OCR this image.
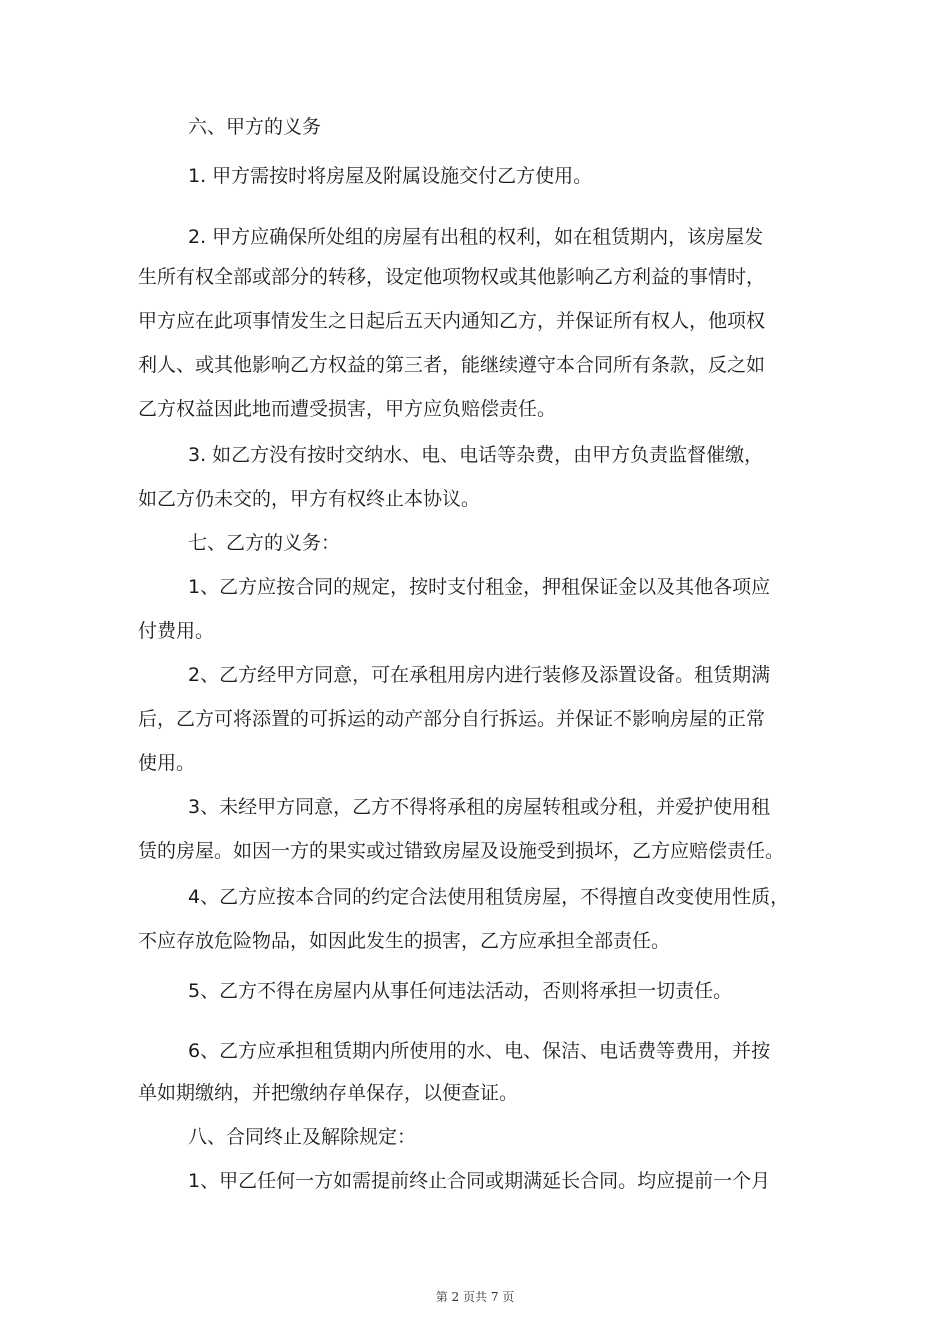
六、甲方的义务

1. 甲方需按时将房屋及附属设施交付乙方使用。

2. 甲方应确保所处组的房屋有出租的权利，如在租赁期内，该房屋发

生所有权全部或部分的转移，设定他项物权或其他影响乙方利益的事情时，

甲方应在此项事情发生之日起后五天内通知乙方，并保证所有权人，他项权

利人、或其他影响乙方权益的第三者，能继续遵守本合同所有条款，反之如

乙方权益因此地而遭受损害，甲方应负赔偿责任。

3. 如乙方没有按时交纳水、电、电话等杂费，由甲方负责监督催缴，

如乙方仍未交的，甲方有权终止本协议。

七、乙方的义务：

1、乙方应按合同的规定，按时支付租金，押租保证金以及其他各项应

付费用。

2、乙方经甲方同意，可在承租用房内进行装修及添置设备。租赁期满

后，乙方可将添置的可拆运的动产部分自行拆运。并保证不影响房屋的正常

使用。

3、未经甲方同意，乙方不得将承租的房屋转租或分租，并爱护使用租

赁的房屋。如因一方的果实或过错致房屋及设施受到损坏，乙方应赔偿责任。

4、乙方应按本合同的约定合法使用租赁房屋，不得擅自改变使用性质，

不应存放危险物品，如因此发生的损害，乙方应承担全部责任。

5、乙方不得在房屋内从事任何违法活动，否则将承担一切责任。

6、乙方应承担租赁期内所使用的水、电、保洁、电话费等费用，并按

单如期缴纳，并把缴纳存单保存，以便查证。

八、合同终止及解除规定：

1、甲乙任何一方如需提前终止合同或期满延长合同。均应提前一个月

第 2 页共 7 页
